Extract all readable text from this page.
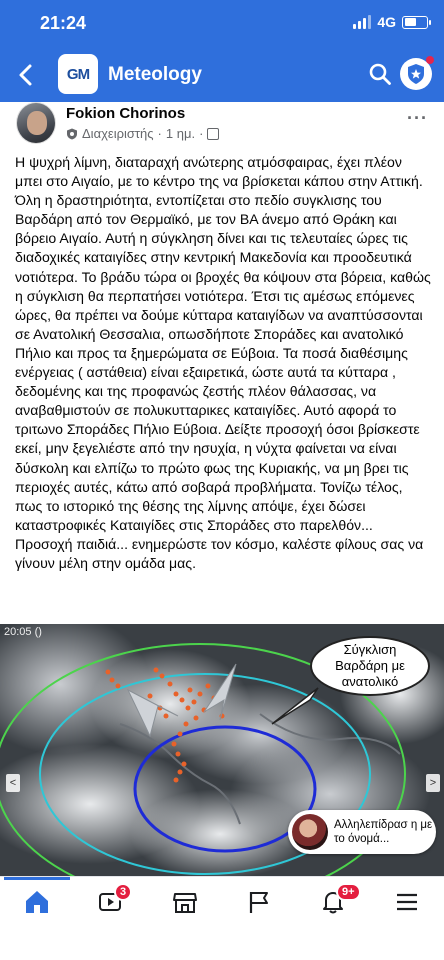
21:24	4G
GM Meteology
Fokion Chorinos
Διαχειριστής · 1 ημ. ·
···
Η ψυχρή λίμνη, διαταραχή ανώτερης ατμόσφαιρας, έχει πλέον μπει στο Αιγαίο, με το κέντρο της να βρίσκεται κάπου στην Αττική. Όλη η δραστηριότητα, εντοπίζεται στο πεδίο συγκλισης του Βαρδάρη από τον Θερμαϊκό, με τον ΒΑ άνεμο από Θράκη και βόρειο Αιγαίο. Αυτή η σύγκληση δίνει και τις τελευταίες ώρες τις διαδοχικές καταιγίδες στην κεντρική Μακεδονία και προοδευτικά νοτιότερα. Το βράδυ τώρα οι βροχές θα κόψουν στα βόρεια, καθώς η σύγκλιση θα περπατήσει νοτιότερα. Έτσι τις αμέσως επόμενες ώρες, θα πρέπει να δούμε κύτταρα καταιγίδων να αναπτύσσονται σε Ανατολική Θεσσαλια, οπωσδήποτε Σποράδες και ανατολικό Πήλιο και προς τα ξημερώματα σε Εύβοια. Τα ποσά διαθέσιμης ενέργειας ( αστάθεια) είναι εξαιρετικά, ώστε αυτά τα κύτταρα , δεδομένης και της προφανώς ζεστής πλέον θάλασσας, να αναβαθμιστούν σε πολυκυτταρικες καταιγίδες. Αυτό αφορά το τριτωνο Σποράδες Πήλιο Εύβοια. Δείξτε προσοχή όσοι βρίσκεστε εκεί, μην ξεγελιέστε από την ησυχία, η νύχτα φαίνεται να είναι δύσκολη και ελπίζω το πρώτο φως της Κυριακής, να μη βρει τις περιοχές αυτές, κάτω από σοβαρά προβλήματα. Τονίζω τέλος, πως το ιστορικό της θέσης της λίμνης απόψε, έχει δώσει καταστροφικές Καταιγίδες στις Σποράδες στο παρελθόν... Προσοχή παιδιά... ενημερώστε τον κόσμο, καλέστε φίλους σας να γίνουν μέλη στην ομάδα μας.
20:05 ()
Σύγκλιση Βαρδάρη με ανατολικό
<	>
Αλληλεπίδρασ η με το όνομά...
3	9+
